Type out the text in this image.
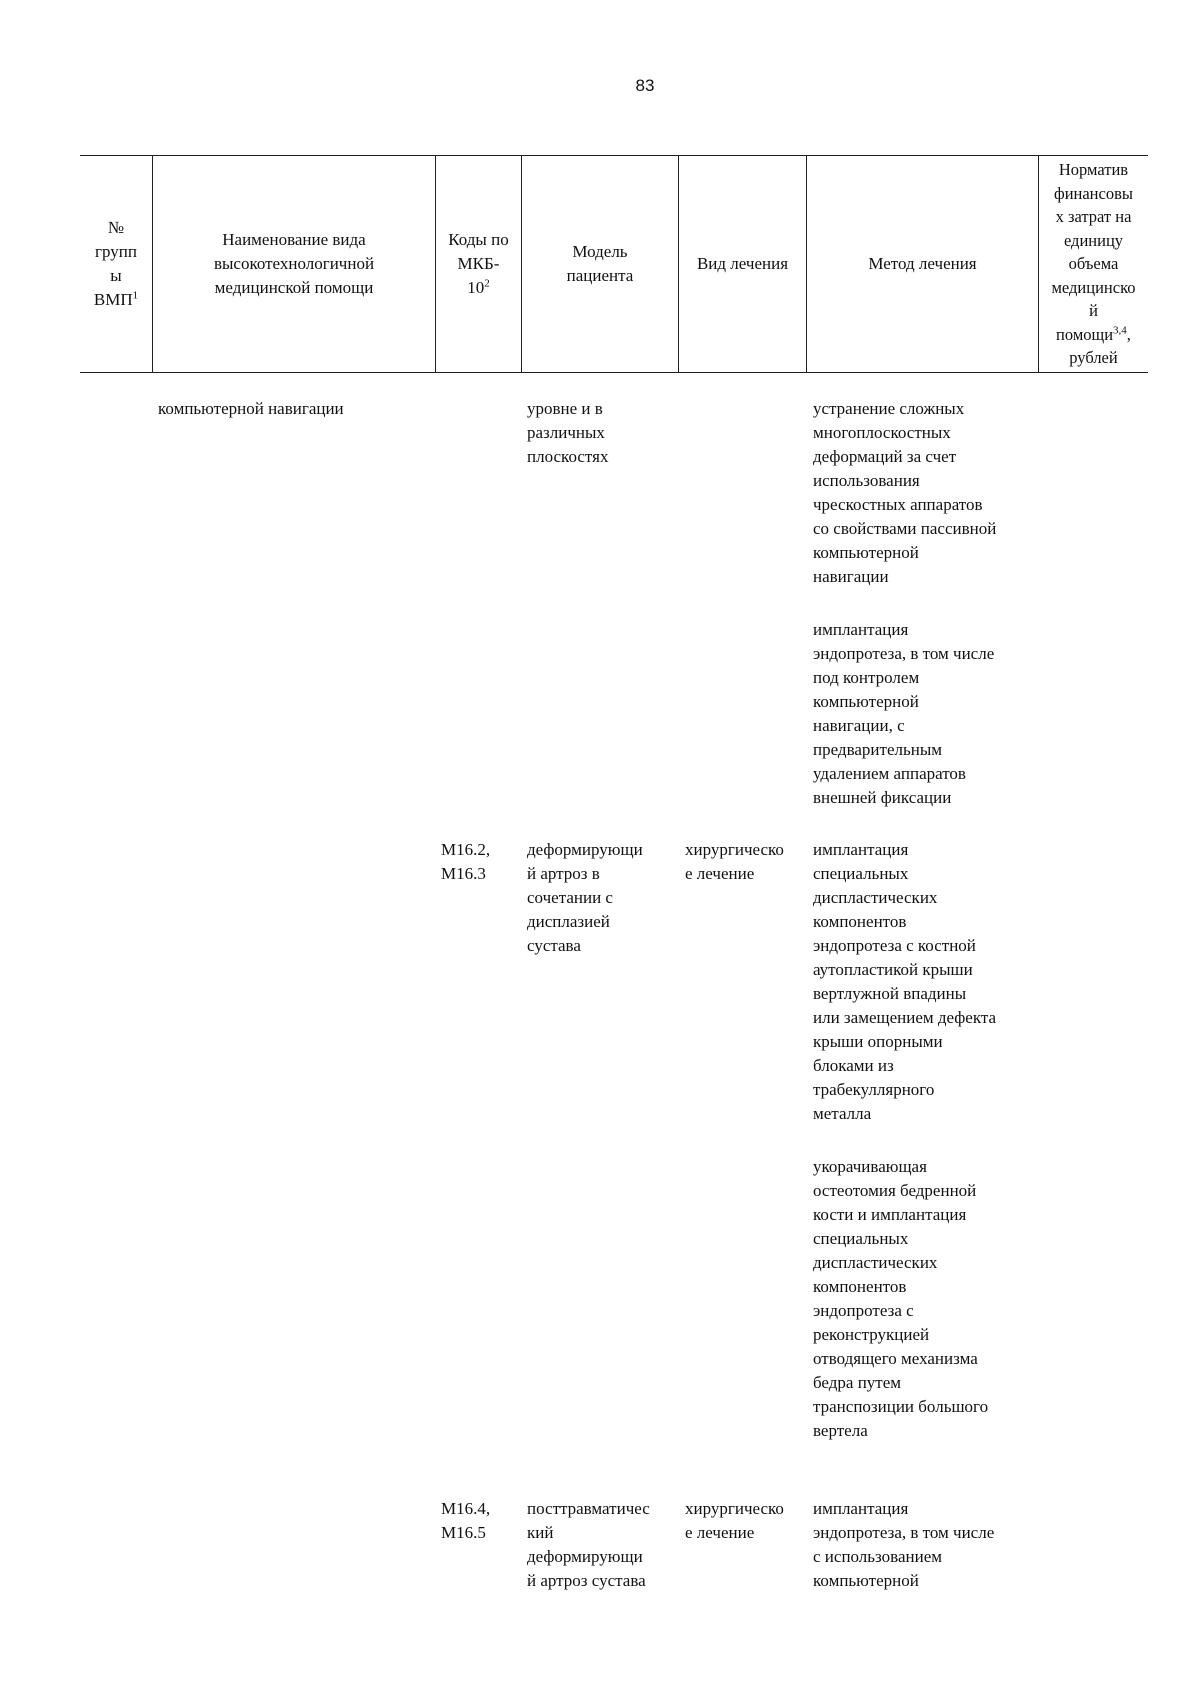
83
№
групп
ы
ВМП$^1$
Наименование вида
высокотехнологичной
медицинской помощи
Коды по
МКБ-
$10^2$
Модель
пациента
Вид лечения	Метод лечения
Норматив
финансовы
х затрат на
единицу
объема
медицинско
й
помощи$^{3,4}$,
рублей
компьютерной навигации	уровне и в
различных
плоскостях
устранение сложных
многоплоскостных
деформаций за счет
использования
чрескостных аппаратов
со свойствами пассивной
компьютерной
навигации
имплантация
эндопротеза, в том числе
под контролем
компьютерной
навигации, с
предварительным
удалением аппаратов
внешней фиксации
M16.2,
M16.3
деформирующи
й артроз в
сочетании с
дисплазией
сустава
хирургическо
е лечение
имплантация
специальных
диспластических
компонентов
эндопротеза с костной
аутопластикой крыши
вертлужной впадины
или замещением дефекта
крыши опорными
блоками из
трабекуллярного
металла
укорачивающая
остеотомия бедренной
кости и имплантация
специальных
диспластических
компонентов
эндопротеза с
реконструкцией
отводящего механизма
бедра путем
транспозиции большого
вертела
M16.4,
M16.5
посттравматичес
кий
деформирующи
й артроз сустава
хирургическо
е лечение
имплантация
эндопротеза, в том числе
с использованием
компьютерной
